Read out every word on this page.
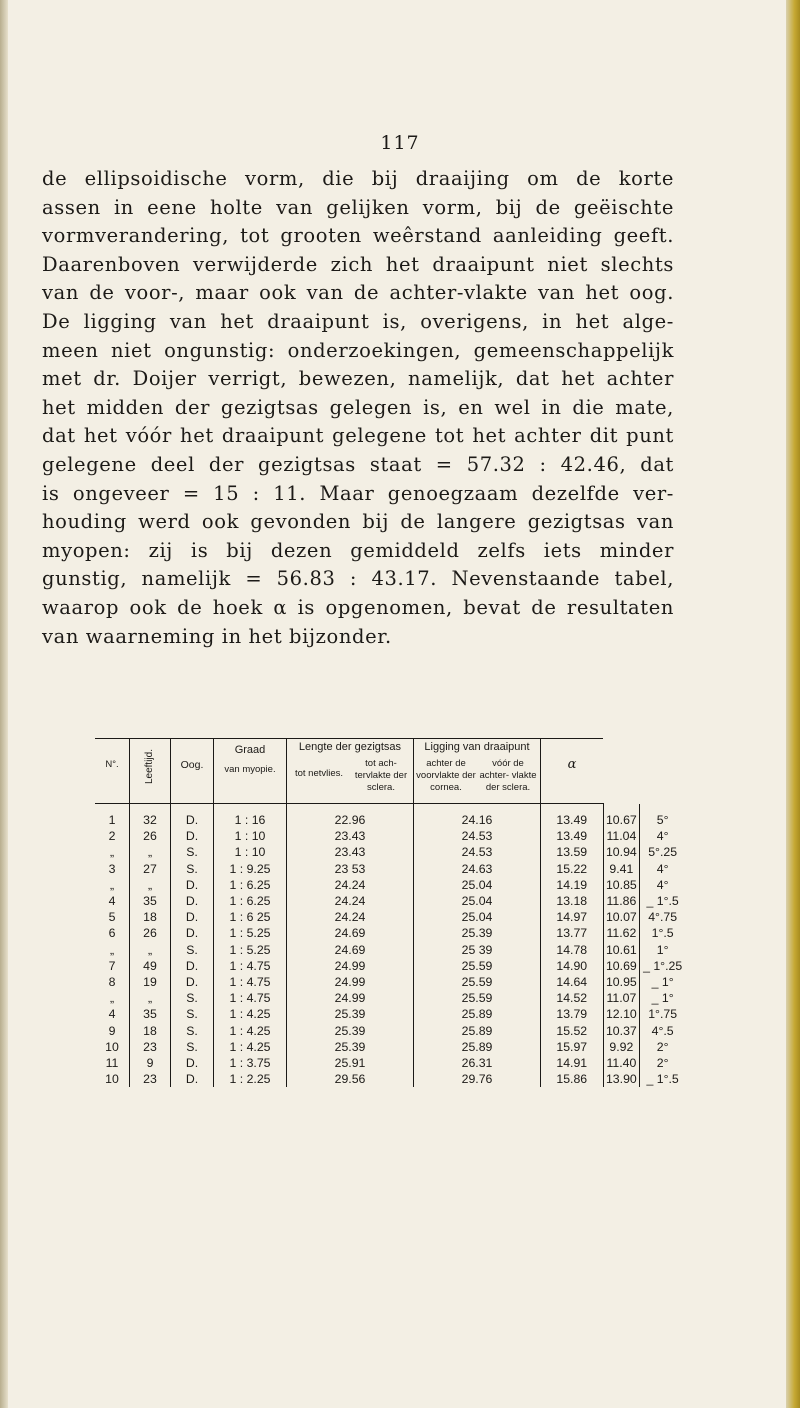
117

de ellipsoidische vorm, die bij draaijing om de korte

assen in eene holte van gelijken vorm, bij de geëischte

vormverandering, tot grooten weêrstand aanleiding geeft.

Daarenboven verwijderde zich het draaipunt niet slechts

van de voor-, maar ook van de achter-vlakte van het oog.

De ligging van het draaipunt is, overigens, in het alge-

meen niet ongunstig: onderzoekingen, gemeenschappelijk

met dr. Doijer verrigt, bewezen, namelijk, dat het achter

het midden der gezigtsas gelegen is, en wel in die mate,

dat het vóór het draaipunt gelegene tot het achter dit punt

gelegene deel der gezigtsas staat = 57.32 : 42.46, dat

is ongeveer = 15 : 11. Maar genoegzaam dezelfde ver-

houding werd ook gevonden bij de langere gezigtsas van

myopen: zij is bij dezen gemiddeld zelfs iets minder

gunstig, namelijk = 56.83 : 43.17. Nevenstaande tabel,

waarop ook de hoek α is opgenomen, bevat de resultaten

van waarneming in het bijzonder.

N°.	Leeftijd.	Oog.	Graad
van myopie.	Lengte der gezigtsas
tot netvlies.
tot ach- tervlakte der sclera.	Ligging van draaipunt
achter de voorvlakte der cornea.
vóór de achter- vlakte der sclera.	α		

1	32	D.	1 : 16	22.96	24.16	13.49	10.67	5°
2	26	D.	1 : 10	23.43	24.53	13.49	11.04	4°
„	„	S.	1 : 10	23.43	24.53	13.59	10.94	5°.25
3	27	S.	1 : 9.25	23 53	24.63	15.22	9.41	4°
„	„	D.	1 : 6.25	24.24	25.04	14.19	10.85	4°
4	35	D.	1 : 6.25	24.24	25.04	13.18	11.86	_ 1°.5
5	18	D.	1 : 6 25	24.24	25.04	14.97	10.07	4°.75
6	26	D.	1 : 5.25	24.69	25.39	13.77	11.62	1°.5
„	„	S.	1 : 5.25	24.69	25 39	14.78	10.61	1°
7	49	D.	1 : 4.75	24.99	25.59	14.90	10.69	_ 1°.25
8	19	D.	1 : 4.75	24.99	25.59	14.64	10.95	_ 1°
„	„	S.	1 : 4.75	24.99	25.59	14.52	11.07	_ 1°
4	35	S.	1 : 4.25	25.39	25.89	13.79	12.10	1°.75
9	18	S.	1 : 4.25	25.39	25.89	15.52	10.37	4°.5
10	23	S.	1 : 4.25	25.39	25.89	15.97	9.92	2°
11	9	D.	1 : 3.75	25.91	26.31	14.91	11.40	2°
10	23	D.	1 : 2.25	29.56	29.76	15.86	13.90	_ 1°.5
